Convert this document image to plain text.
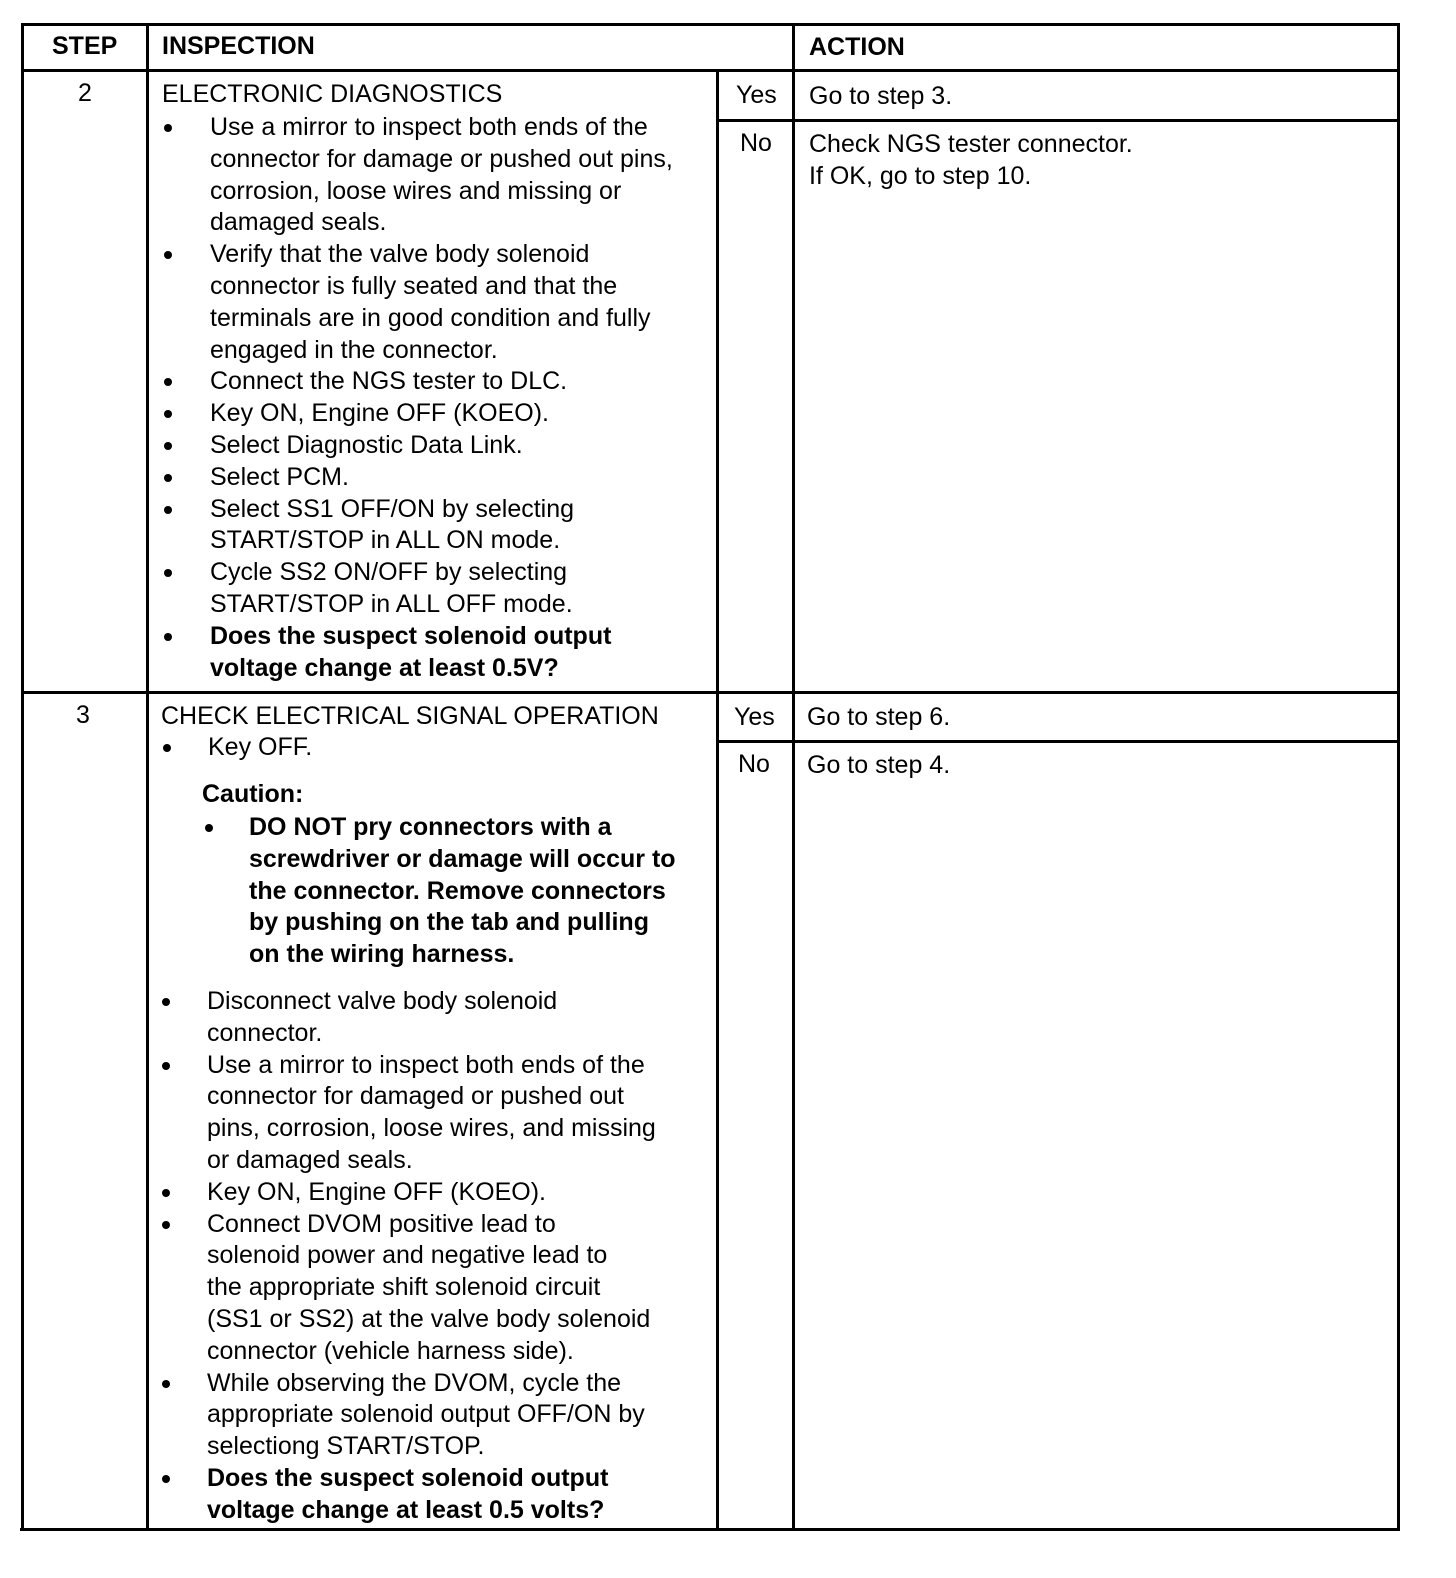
STEP INSPECTION	ACTION
2	ELECTRONIC DIAGNOSTICS
Use a mirror to inspect both ends of the
connector for damage or pushed out pins,
corrosion, loose wires and missing or
damaged seals.
Verify that the valve body solenoid
connector is fully seated and that the
terminals are in good condition and fully
engaged in the connector.
Connect the NGS tester to DLC.
Key ON, Engine OFF (KOEO).
Select Diagnostic Data Link.
Select PCM.
Select SS1 OFF/ON by selecting
START/STOP in ALL ON mode.
Cycle SS2 ON/OFF by selecting
START/STOP in ALL OFF mode.
Does the suspect solenoid output
voltage change at least 0.5V?
Yes Go to step 3.
No Check NGS tester connector.
If OK, go to step 10.
3	CHECK ELECTRICAL SIGNAL OPERATION
Key OFF.
Caution:
DO NOT pry connectors with a
screwdriver or damage will occur to
the connector. Remove connectors
by pushing on the tab and pulling
on the wiring harness.
Disconnect valve body solenoid
connector.
Use a mirror to inspect both ends of the
connector for damaged or pushed out
pins, corrosion, loose wires, and missing
or damaged seals.
Key ON, Engine OFF (KOEO).
Connect DVOM positive lead to
solenoid power and negative lead to
the appropriate shift solenoid circuit
(SS1 or SS2) at the valve body solenoid
connector (vehicle harness side).
While observing the DVOM, cycle the
appropriate solenoid output OFF/ON by
selectiong START/STOP.
Does the suspect solenoid output
voltage change at least 0.5 volts?
Yes Go to step 6.
No Go to step 4.
